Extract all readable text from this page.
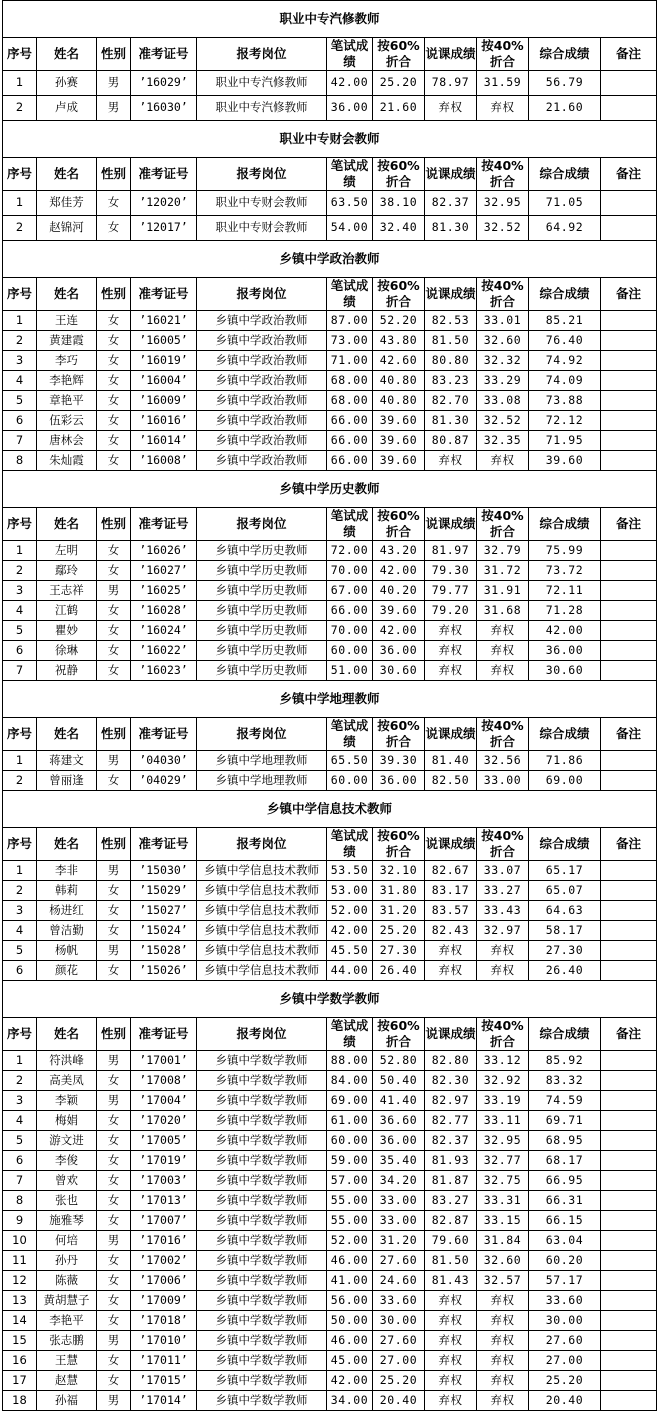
职业中专汽修教师										
序号	姓名	性别	准考证号	报考岗位	笔试成绩	按60%折合	说课成绩	按40%折合	综合成绩	备注
1	孙赛	男	’16029’	职业中专汽修教师	42.00	25.20	78.97	31.59	56.79	
2	卢成	男	’16030’	职业中专汽修教师	36.00	21.60	弃权	弃权	21.60	
职业中专财会教师										
序号	姓名	性别	准考证号	报考岗位	笔试成绩	按60%折合	说课成绩	按40%折合	综合成绩	备注
1	郑佳芳	女	’12020’	职业中专财会教师	63.50	38.10	82.37	32.95	71.05	
2	赵锦河	女	’12017’	职业中专财会教师	54.00	32.40	81.30	32.52	64.92	
乡镇中学政治教师										
序号	姓名	性别	准考证号	报考岗位	笔试成绩	按60%折合	说课成绩	按40%折合	综合成绩	备注
1	王连	女	’16021’	乡镇中学政治教师	87.00	52.20	82.53	33.01	85.21	
2	黄建霞	女	’16005’	乡镇中学政治教师	73.00	43.80	81.50	32.60	76.40	
3	李巧	女	’16019’	乡镇中学政治教师	71.00	42.60	80.80	32.32	74.92	
4	李艳辉	女	’16004’	乡镇中学政治教师	68.00	40.80	83.23	33.29	74.09	
5	章艳平	女	’16009’	乡镇中学政治教师	68.00	40.80	82.70	33.08	73.88	
6	伍彩云	女	’16016’	乡镇中学政治教师	66.00	39.60	81.30	32.52	72.12	
7	唐林会	女	’16014’	乡镇中学政治教师	66.00	39.60	80.87	32.35	71.95	
8	朱灿霞	女	’16008’	乡镇中学政治教师	66.00	39.60	弃权	弃权	39.60	
乡镇中学历史教师										
序号	姓名	性别	准考证号	报考岗位	笔试成绩	按60%折合	说课成绩	按40%折合	综合成绩	备注
1	左明	女	’16026’	乡镇中学历史教师	72.00	43.20	81.97	32.79	75.99	
2	鄢玲	女	’16027’	乡镇中学历史教师	70.00	42.00	79.30	31.72	73.72	
3	王志祥	男	’16025’	乡镇中学历史教师	67.00	40.20	79.77	31.91	72.11	
4	江鹤	女	’16028’	乡镇中学历史教师	66.00	39.60	79.20	31.68	71.28	
5	瞿妙	女	’16024’	乡镇中学历史教师	70.00	42.00	弃权	弃权	42.00	
6	徐琳	女	’16022’	乡镇中学历史教师	60.00	36.00	弃权	弃权	36.00	
7	祝静	女	’16023’	乡镇中学历史教师	51.00	30.60	弃权	弃权	30.60	
乡镇中学地理教师										
序号	姓名	性别	准考证号	报考岗位	笔试成绩	按60%折合	说课成绩	按40%折合	综合成绩	备注
1	蒋建文	男	’04030’	乡镇中学地理教师	65.50	39.30	81.40	32.56	71.86	
2	曾丽逢	女	’04029’	乡镇中学地理教师	60.00	36.00	82.50	33.00	69.00	
乡镇中学信息技术教师										
序号	姓名	性别	准考证号	报考岗位	笔试成绩	按60%折合	说课成绩	按40%折合	综合成绩	备注
1	李非	男	’15030’	乡镇中学信息技术教师	53.50	32.10	82.67	33.07	65.17	
2	韩莉	女	’15029’	乡镇中学信息技术教师	53.00	31.80	83.17	33.27	65.07	
3	杨进红	女	’15027’	乡镇中学信息技术教师	52.00	31.20	83.57	33.43	64.63	
4	曾洁勤	女	’15024’	乡镇中学信息技术教师	42.00	25.20	82.43	32.97	58.17	
5	杨帆	男	’15028’	乡镇中学信息技术教师	45.50	27.30	弃权	弃权	27.30	
6	颜花	女	’15026’	乡镇中学信息技术教师	44.00	26.40	弃权	弃权	26.40	
乡镇中学数学教师										
序号	姓名	性别	准考证号	报考岗位	笔试成绩	按60%折合	说课成绩	按40%折合	综合成绩	备注
1	符洪峰	男	’17001’	乡镇中学数学教师	88.00	52.80	82.80	33.12	85.92	
2	高美凤	女	’17008’	乡镇中学数学教师	84.00	50.40	82.30	32.92	83.32	
3	李颖	男	’17004’	乡镇中学数学教师	69.00	41.40	82.97	33.19	74.59	
4	梅娟	女	’17020’	乡镇中学数学教师	61.00	36.60	82.77	33.11	69.71	
5	游文进	女	’17005’	乡镇中学数学教师	60.00	36.00	82.37	32.95	68.95	
6	李俊	女	’17019’	乡镇中学数学教师	59.00	35.40	81.93	32.77	68.17	
7	曾欢	女	’17003’	乡镇中学数学教师	57.00	34.20	81.87	32.75	66.95	
8	张也	女	’17013’	乡镇中学数学教师	55.00	33.00	83.27	33.31	66.31	
9	施雅琴	女	’17007’	乡镇中学数学教师	55.00	33.00	82.87	33.15	66.15	
10	何培	男	’17016’	乡镇中学数学教师	52.00	31.20	79.60	31.84	63.04	
11	孙丹	女	’17002’	乡镇中学数学教师	46.00	27.60	81.50	32.60	60.20	
12	陈薇	女	’17006’	乡镇中学数学教师	41.00	24.60	81.43	32.57	57.17	
13	黄胡慧子	女	’17009’	乡镇中学数学教师	56.00	33.60	弃权	弃权	33.60	
14	李艳平	女	’17018’	乡镇中学数学教师	50.00	30.00	弃权	弃权	30.00	
15	张志鹏	男	’17010’	乡镇中学数学教师	46.00	27.60	弃权	弃权	27.60	
16	王慧	女	’17011’	乡镇中学数学教师	45.00	27.00	弃权	弃权	27.00	
17	赵慧	女	’17015’	乡镇中学数学教师	42.00	25.20	弃权	弃权	25.20	
18	孙福	男	’17014’	乡镇中学数学教师	34.00	20.40	弃权	弃权	20.40	
